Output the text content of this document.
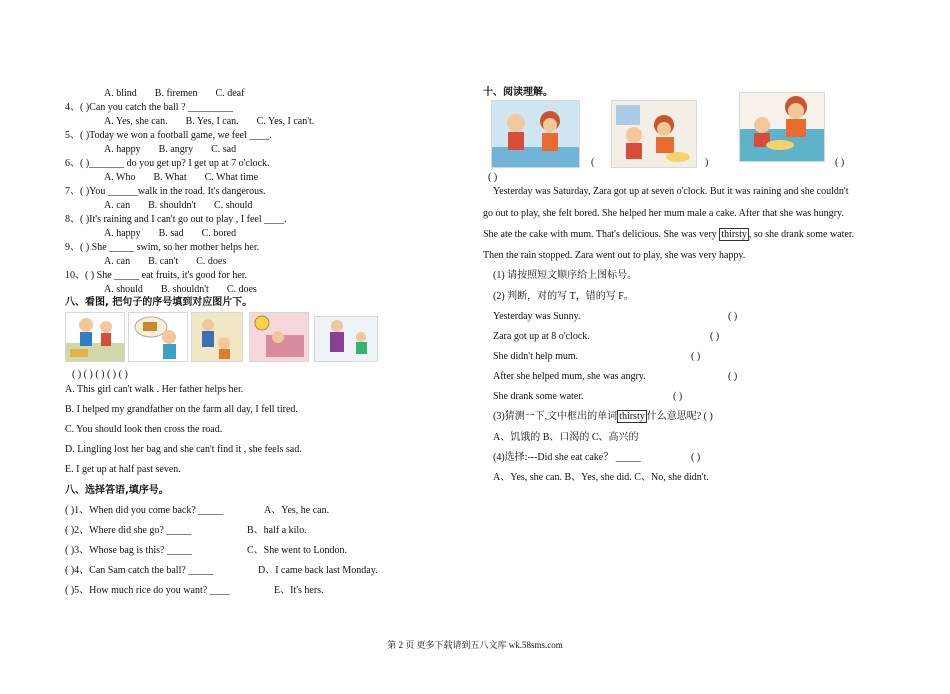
A. blind B. firemen C. deaf
4、( )Can you catch the ball ? _________
A. Yes, she can. B. Yes, I can. C. Yes, I can't.
5、( )Today we won a football game, we feel ____.
A. happy B. angry C. sad
6、( )_______ do you get up? I get up at 7 o'clock.
A. Who B. What C. What time
7、( )You ______walk in the road. It's dangerous.
A. can B. shouldn't C. should
8、( )It's raining and I can't go out to play , I feel ____.
A. happy B. sad C. bored
9、( ) She _____ swim, so her mother helps her.
A. can B. can't C. does
10、( ) She _____ eat fruits, it's good for her.
A. should B. shouldn't C. does
八、看图, 把句子的序号填到对应图片下。
( ) ( ) ( ) ( ) ( )
A. This girl can't walk . Her father helps her.
B. I helped my grandfather on the farm all day, I fell tired.
C. You should look then cross the road.
D. Lingling lost her bag and she can't find it , she feels sad.
E. I get up at half past seven.
八、选择答语,填序号。
( )1、When did you come back? _____	A、Yes, he can.
( )2、Where did she go? _____	B、half a kilo.
( )3、Whose bag is this? _____	C、She went to London.
( )4、Can Sam catch the ball? _____	D、I came back last Monday.
( )5、How much rice do you want? ____	E、It's hers.
十、阅读理解。
(	)	( )
( )
Yesterday was Saturday, Zara got up at seven o'clock. But it was raining and she couldn't
go out to play, she felt bored. She helped her mum male a cake. After that she was hungry.
She ate the cake with mum. That's delicious. She was very thirsty , so she drank some water.
Then the rain stopped. Zara went out to play, she was very happy.
(1) 请按照短文顺序给上图标号。
(2) 判断，对的写 T，错的写 F。
Yesterday was Sunny.	( )
Zara got up at 8 o'clock.	( )
She didn't help mum.	( )
After she helped mum, she was angry.	( )
She drank some water.	( )
(3)猜测一下,文中框出的单词 thirsty 什么意思呢? ( )
A、饥饿的 B、口渴的 C、高兴的
(4)选择:---Did she eat cake？ _____	( )
A、Yes, she can. B、Yes, she did. C、No, she didn't.
第 2 页 更多下载请到五八文库 wk.58sms.com
